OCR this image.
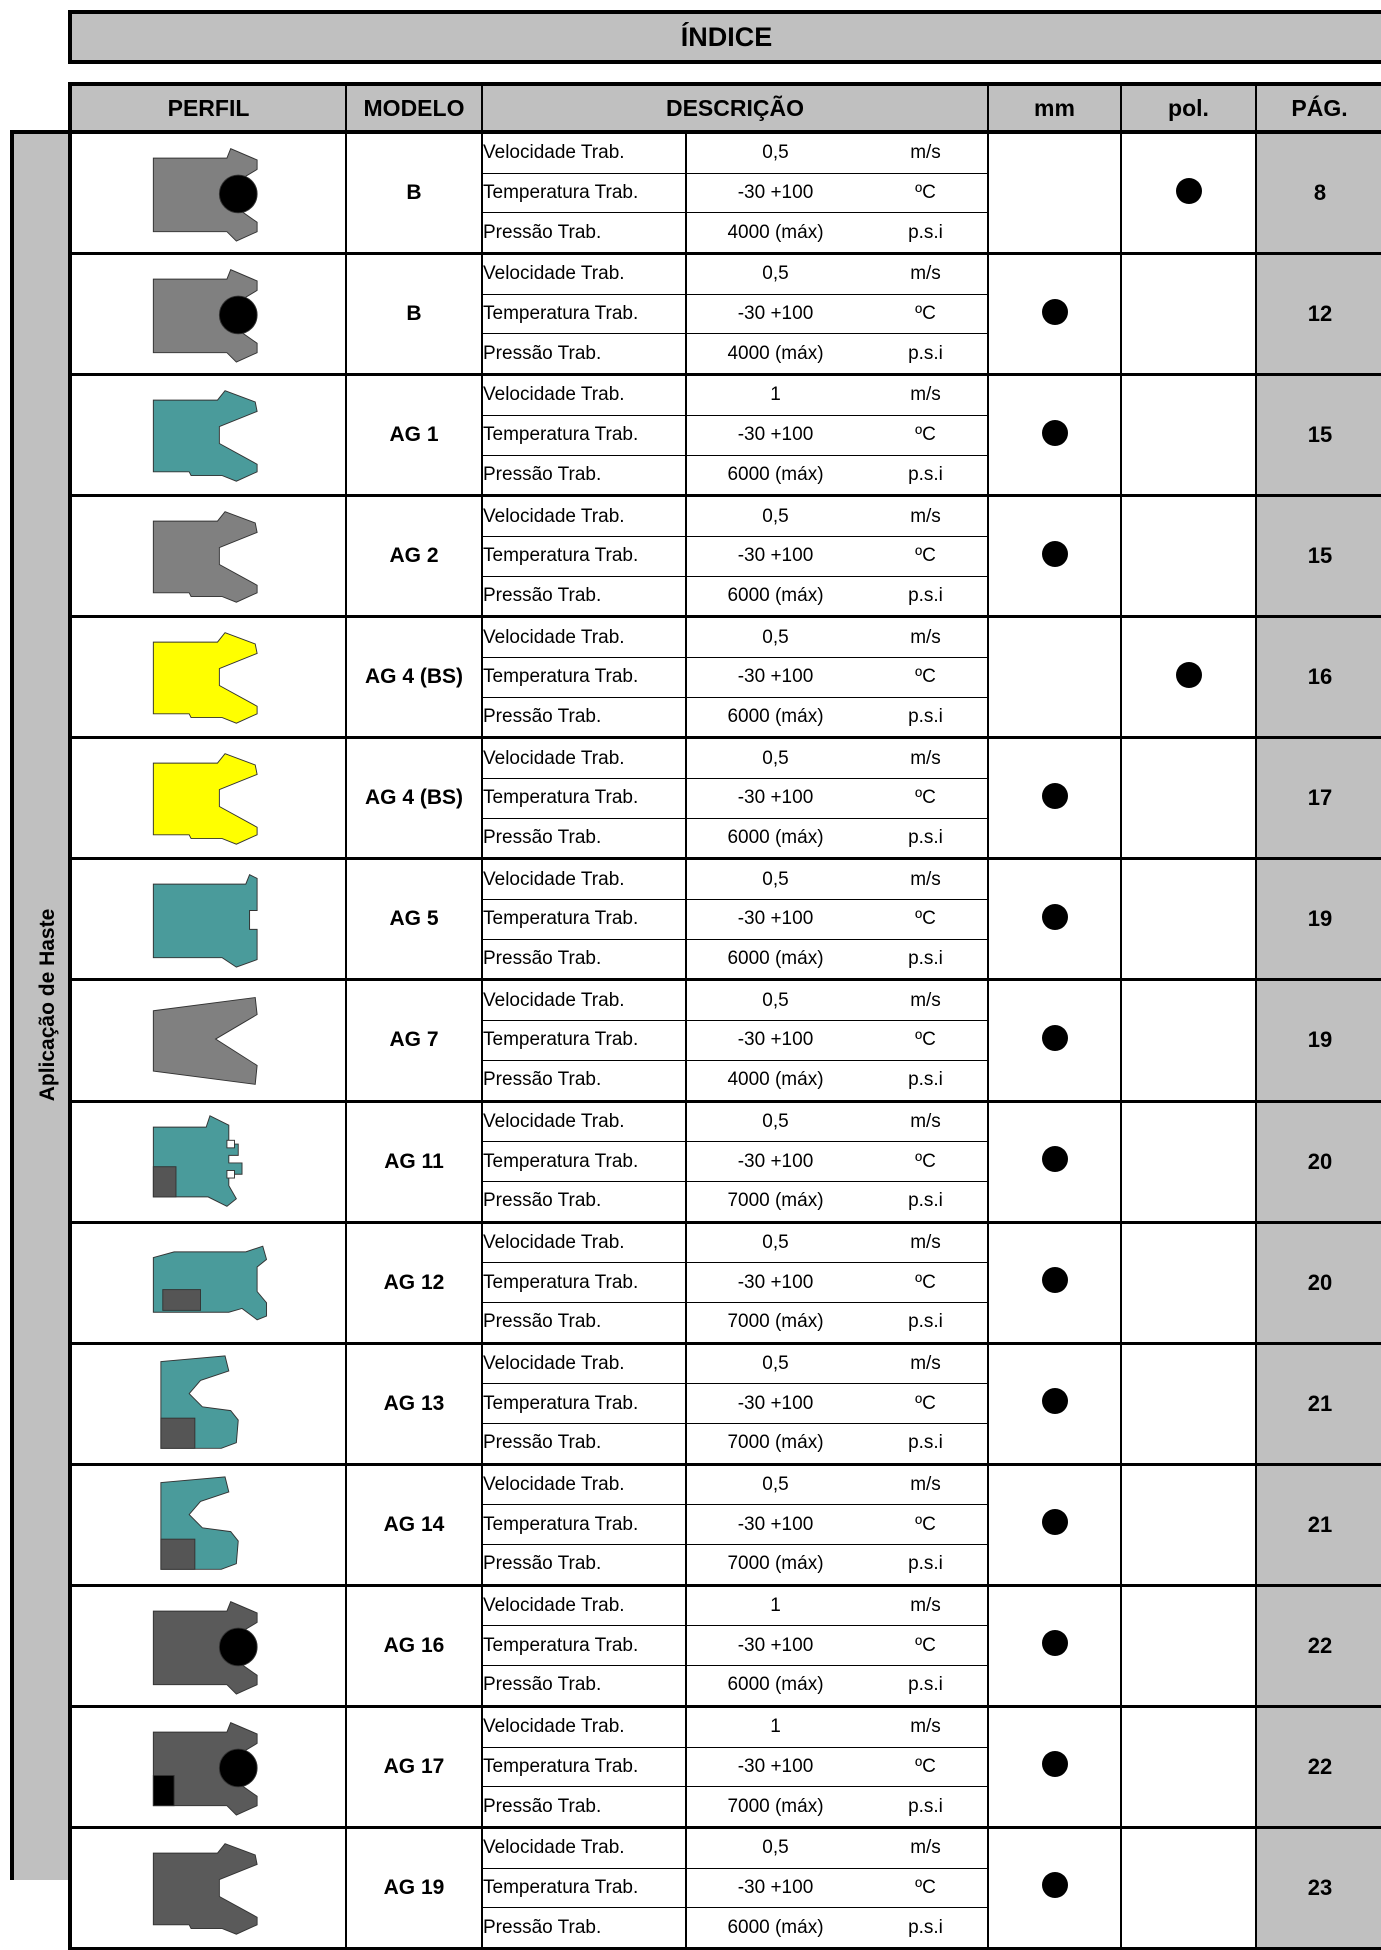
ÍNDICE
Aplicação de Haste
PERFIL	MODELO	DESCRIÇÃO			mm	pol.	PÁG.

	B	Velocidade Trab.	0,5	m/s			8
		Temperatura Trab.	-30 +100	ºC			
		Pressão Trab.	4000 (máx)	p.s.i			

	B	Velocidade Trab.	0,5	m/s			12
		Temperatura Trab.	-30 +100	ºC			
		Pressão Trab.	4000 (máx)	p.s.i			

	AG 1	Velocidade Trab.	1	m/s			15
		Temperatura Trab.	-30 +100	ºC			
		Pressão Trab.	6000 (máx)	p.s.i			

	AG 2	Velocidade Trab.	0,5	m/s			15
		Temperatura Trab.	-30 +100	ºC			
		Pressão Trab.	6000 (máx)	p.s.i			

	AG 4 (BS)	Velocidade Trab.	0,5	m/s			16
		Temperatura Trab.	-30 +100	ºC			
		Pressão Trab.	6000 (máx)	p.s.i			

	AG 4 (BS)	Velocidade Trab.	0,5	m/s			17
		Temperatura Trab.	-30 +100	ºC			
		Pressão Trab.	6000 (máx)	p.s.i			

	AG 5	Velocidade Trab.	0,5	m/s			19
		Temperatura Trab.	-30 +100	ºC			
		Pressão Trab.	6000 (máx)	p.s.i			

	AG 7	Velocidade Trab.	0,5	m/s			19
		Temperatura Trab.	-30 +100	ºC			
		Pressão Trab.	4000 (máx)	p.s.i			

	AG 11	Velocidade Trab.	0,5	m/s			20
		Temperatura Trab.	-30 +100	ºC			
		Pressão Trab.	7000 (máx)	p.s.i			

	AG 12	Velocidade Trab.	0,5	m/s			20
		Temperatura Trab.	-30 +100	ºC			
		Pressão Trab.	7000 (máx)	p.s.i			

	AG 13	Velocidade Trab.	0,5	m/s			21
		Temperatura Trab.	-30 +100	ºC			
		Pressão Trab.	7000 (máx)	p.s.i			

	AG 14	Velocidade Trab.	0,5	m/s			21
		Temperatura Trab.	-30 +100	ºC			
		Pressão Trab.	7000 (máx)	p.s.i			

	AG 16	Velocidade Trab.	1	m/s			22
		Temperatura Trab.	-30 +100	ºC			
		Pressão Trab.	6000 (máx)	p.s.i			

	AG 17	Velocidade Trab.	1	m/s			22
		Temperatura Trab.	-30 +100	ºC			
		Pressão Trab.	7000 (máx)	p.s.i			

	AG 19	Velocidade Trab.	0,5	m/s			23
		Temperatura Trab.	-30 +100	ºC			
		Pressão Trab.	6000 (máx)	p.s.i			
